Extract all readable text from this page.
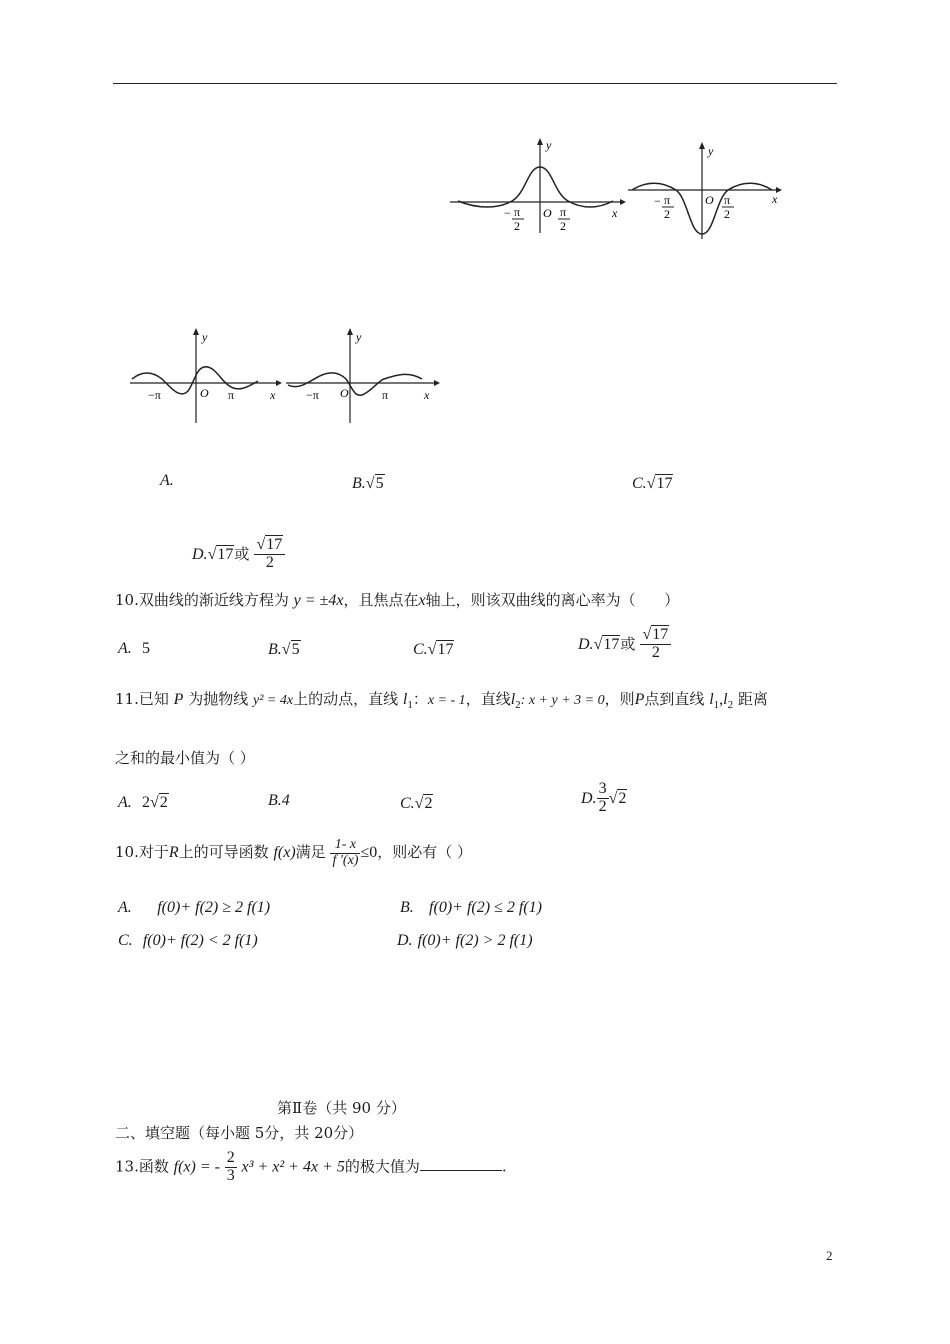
y
x
O
− π
2
π
2
y
x
O
− π
2
π
2
y
x
O
−π	π
y
x
O
−π	π
A.	B.√5	C.√17
D.√17或 $\frac{√17}{2}$
10.双曲线的渐近线方程为 y = ±4x，且焦点在x轴上，则该双曲线的离心率为（ ）
A. 5	B.√5	C.√17	D.√17或 $\frac{√17}{2}$
11.已知 P 为抛物线 y² = 4x上的动点，直线 $l_1$：x = - 1，直线$l_2$: x + y + 3 = 0，则P点到直线 $l_1,l_2$ 距离
之和的最小值为（ ）
A. 2√2	B.4	C.√2	D. $\frac{3}{2} √2$
10.对于R上的可导函数 f(x)满足 $\frac{1- x}{f '(x)} \le 0$，则必有（ ）
A. f(0)+ f(2) ≥ 2 f(1)	B. f(0)+ f(2) ≤ 2 f(1)
C. f(0)+ f(2) < 2 f(1)	D. f(0)+ f(2) > 2 f(1)
第Ⅱ卷（共 90 分）
二、填空题（每小题 5分，共 20分）
13.函数 f(x) = - $\frac{2}{3} x^3 + x^2 + 4x + 5$的极大值为	.
2
